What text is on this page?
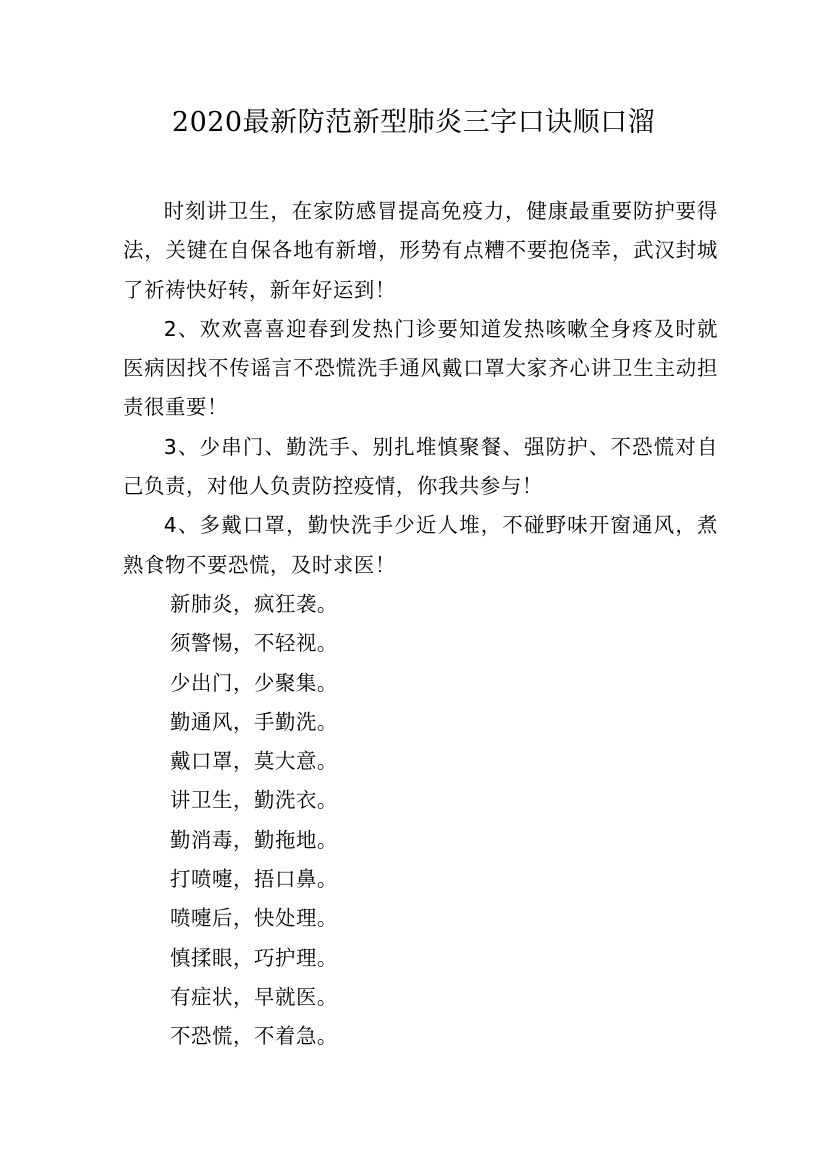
2020最新防范新型肺炎三字口诀顺口溜

时刻讲卫生，在家防感冒提高免疫力，健康最重要防护要得法，关键在自保各地有新增，形势有点糟不要抱侥幸，武汉封城了祈祷快好转，新年好运到！

2、欢欢喜喜迎春到发热门诊要知道发热咳嗽全身疼及时就医病因找不传谣言不恐慌洗手通风戴口罩大家齐心讲卫生主动担责很重要！

3、少串门、勤洗手、别扎堆慎聚餐、强防护、不恐慌对自己负责，对他人负责防控疫情，你我共参与！

4、多戴口罩，勤快洗手少近人堆，不碰野味开窗通风，煮熟食物不要恐慌，及时求医！

新肺炎，疯狂袭。

须警惕，不轻视。

少出门，少聚集。

勤通风，手勤洗。

戴口罩，莫大意。

讲卫生，勤洗衣。

勤消毒，勤拖地。

打喷嚏，捂口鼻。

喷嚏后，快处理。

慎揉眼，巧护理。

有症状，早就医。

不恐慌，不着急。
